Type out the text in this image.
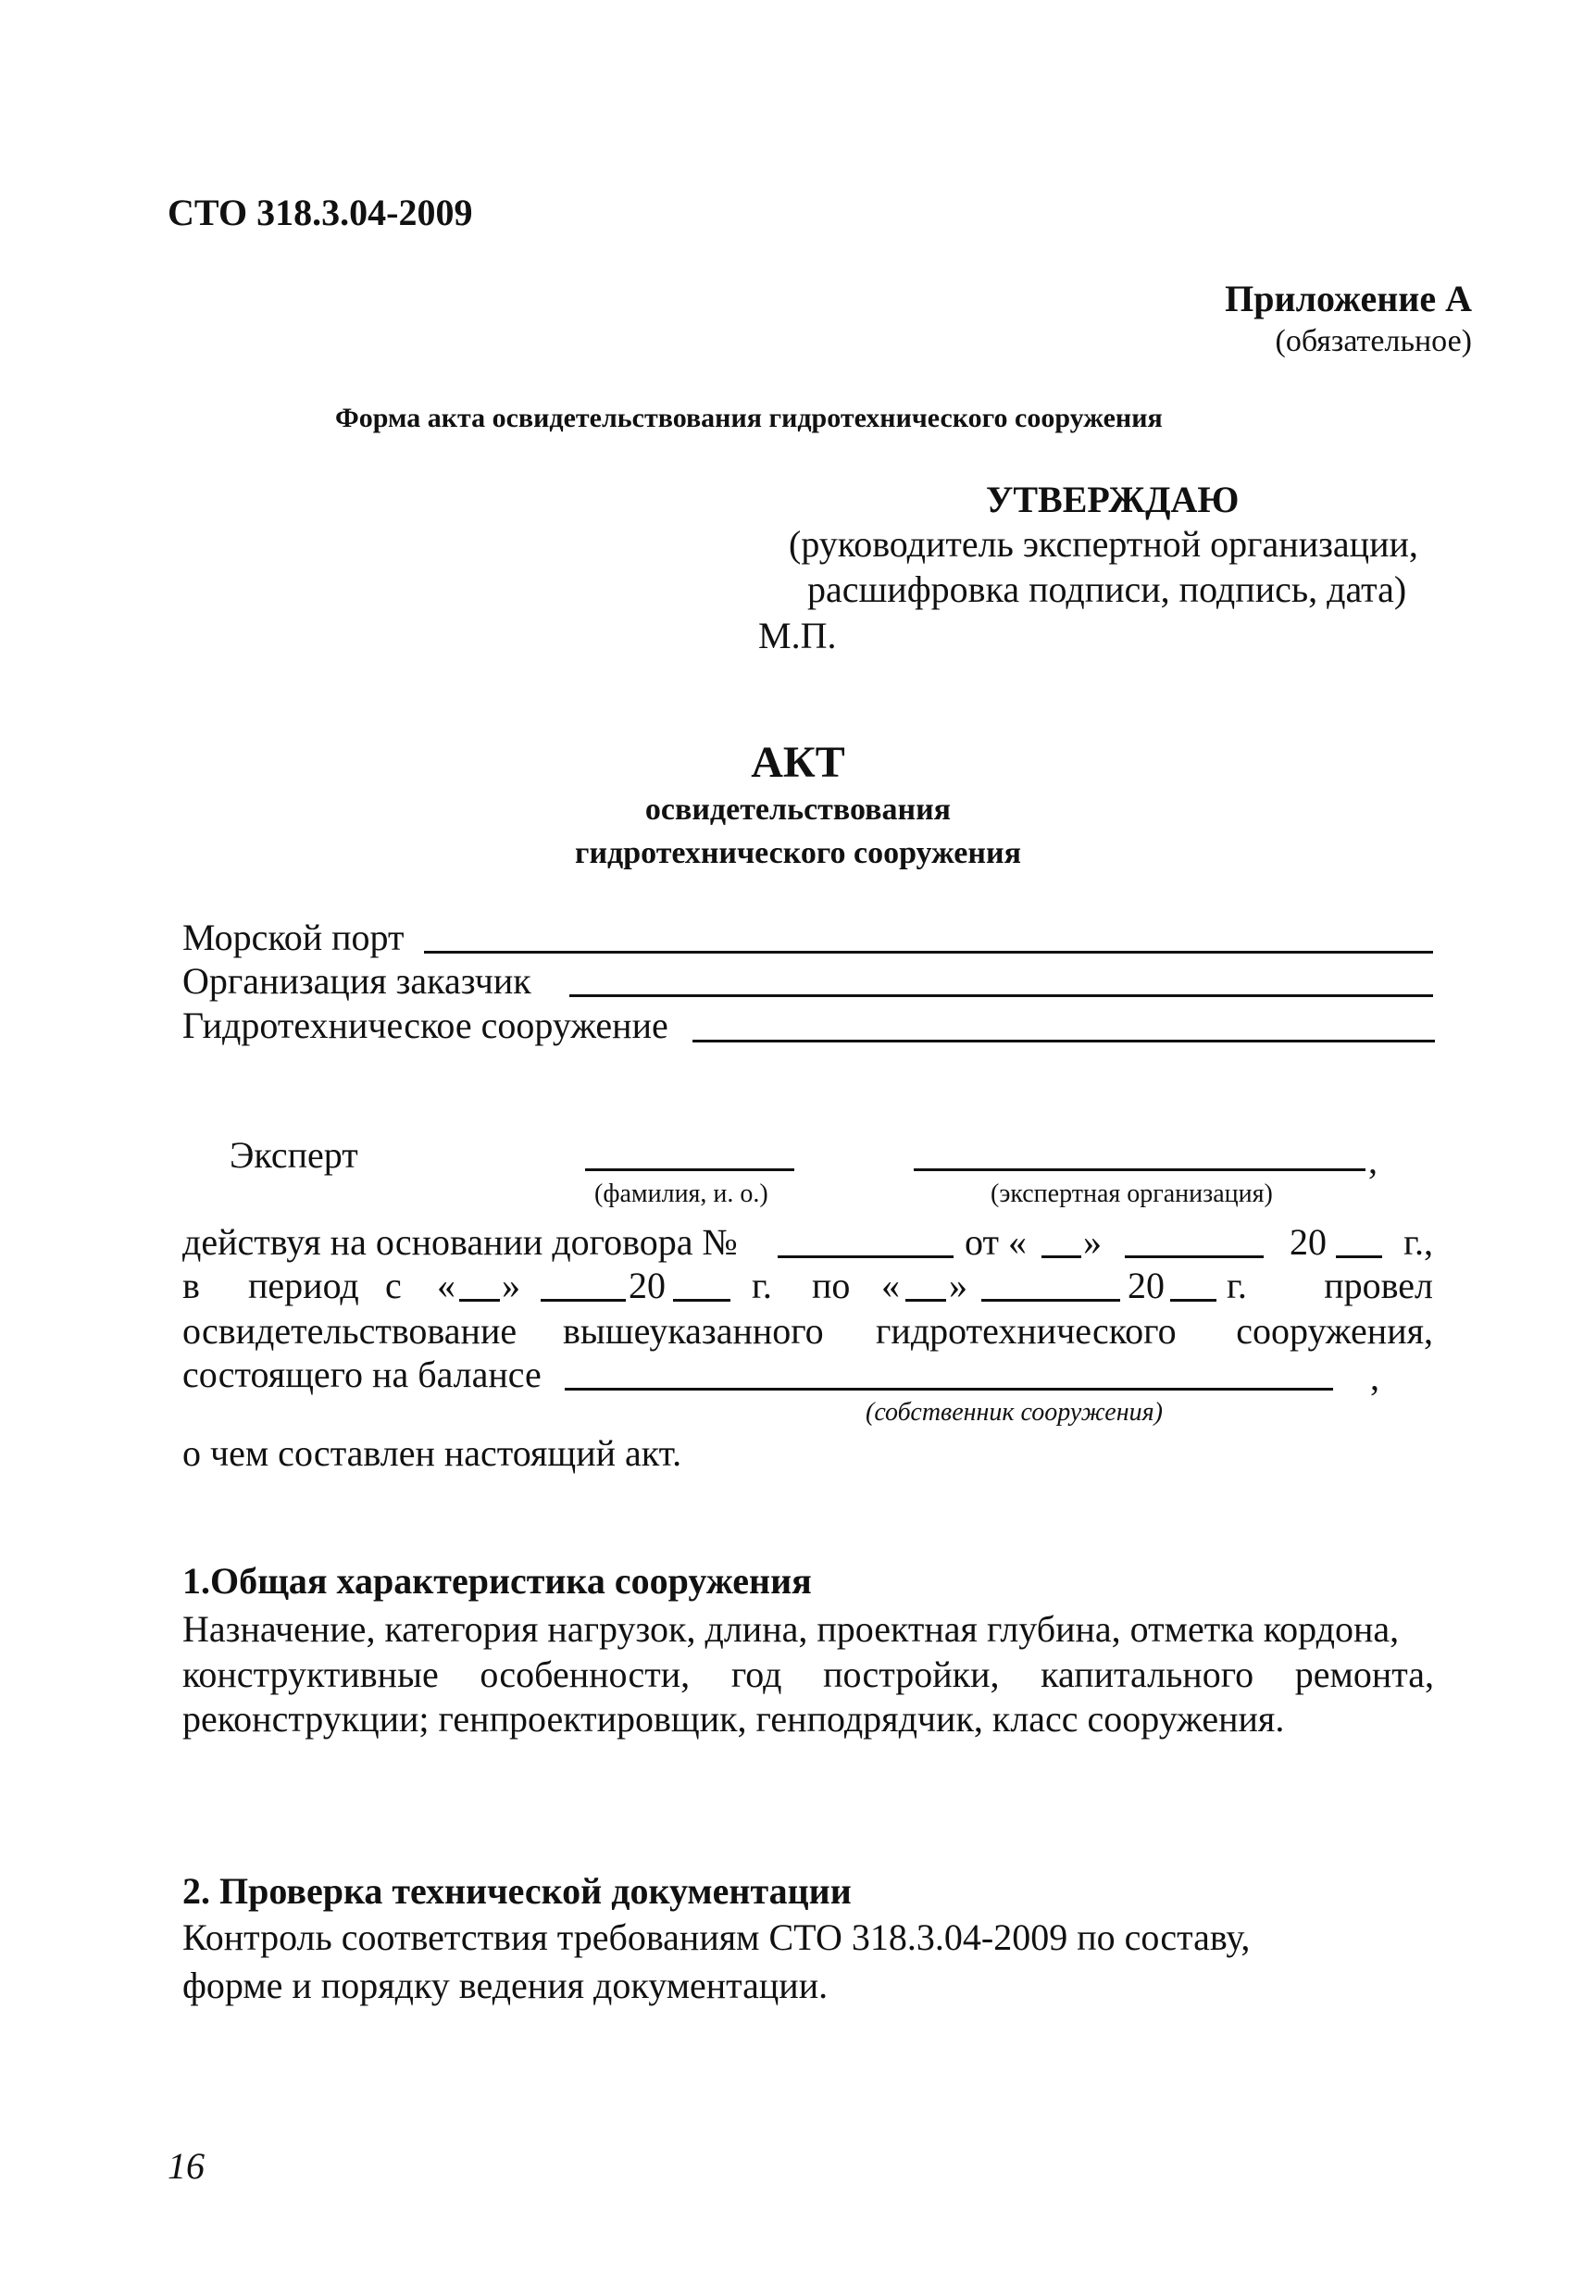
СТО 318.3.04-2009
Приложение А
(обязательное)
Форма акта освидетельствования гидротехнического сооружения
УТВЕРЖДАЮ
(руководитель экспертной организации,
расшифровка подписи, подпись, дата)
М.П.
АКТ
освидетельствования
гидротехнического сооружения
Морской порт
Организация заказчик
Гидротехническое сооружение
Эксперт	,
(фамилия, и. о.)	(экспертная организация)
действуя на основании договора №	от « »	20	г.,
в период с « »	20 г. по « »	20 г.	провел
освидетельствование вышеуказанного гидротехнического сооружения,
состоящего на балансе	,
(собственник сооружения)
о чем составлен настоящий акт.
1.Общая характеристика сооружения
Назначение, категория нагрузок, длина, проектная глубина, отметка кордона,
конструктивные особенности, год постройки, капитального ремонта,
реконструкции; генпроектировщик, генподрядчик, класс сооружения.
2. Проверка технической документации
Контроль соответствия требованиям СТО 318.3.04-2009 по составу,
форме и порядку ведения документации.
16
